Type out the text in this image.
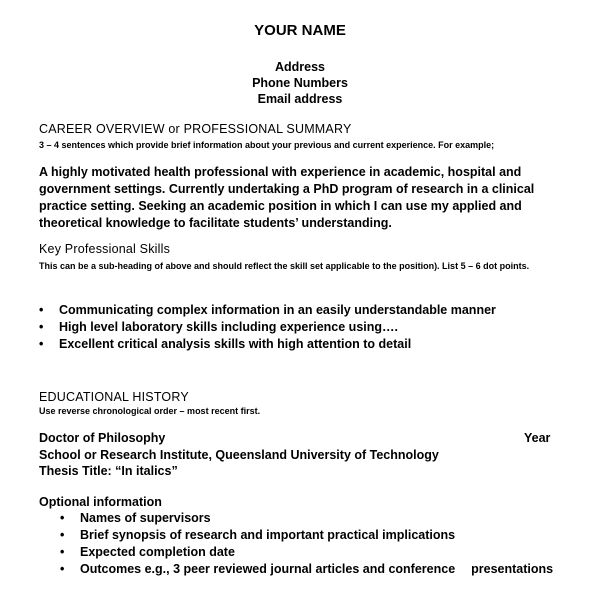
YOUR NAME
Address
Phone Numbers
Email address
CAREER OVERVIEW or PROFESSIONAL SUMMARY
3 – 4 sentences which provide brief information about your previous and current experience. For example;
A highly motivated health professional with experience in academic, hospital and government settings. Currently undertaking a PhD program of research in a clinical practice setting. Seeking an academic position in which I can use my applied and theoretical knowledge to facilitate students’ understanding.
Key Professional Skills
This can be a sub-heading of above and should reflect the skill set applicable to the position). List 5 – 6 dot points.
• Communicating complex information in an easily understandable manner
• High level laboratory skills including experience using….
• Excellent critical analysis skills with high attention to detail
EDUCATIONAL HISTORY
Use reverse chronological order – most recent first.
Doctor of Philosophy	Year
School or Research Institute, Queensland University of Technology
Thesis Title: “In italics”
Optional information
• Names of supervisors
• Brief synopsis of research and important practical implications
• Expected completion date
• Outcomes e.g., 3 peer reviewed journal articles and conference presentations
